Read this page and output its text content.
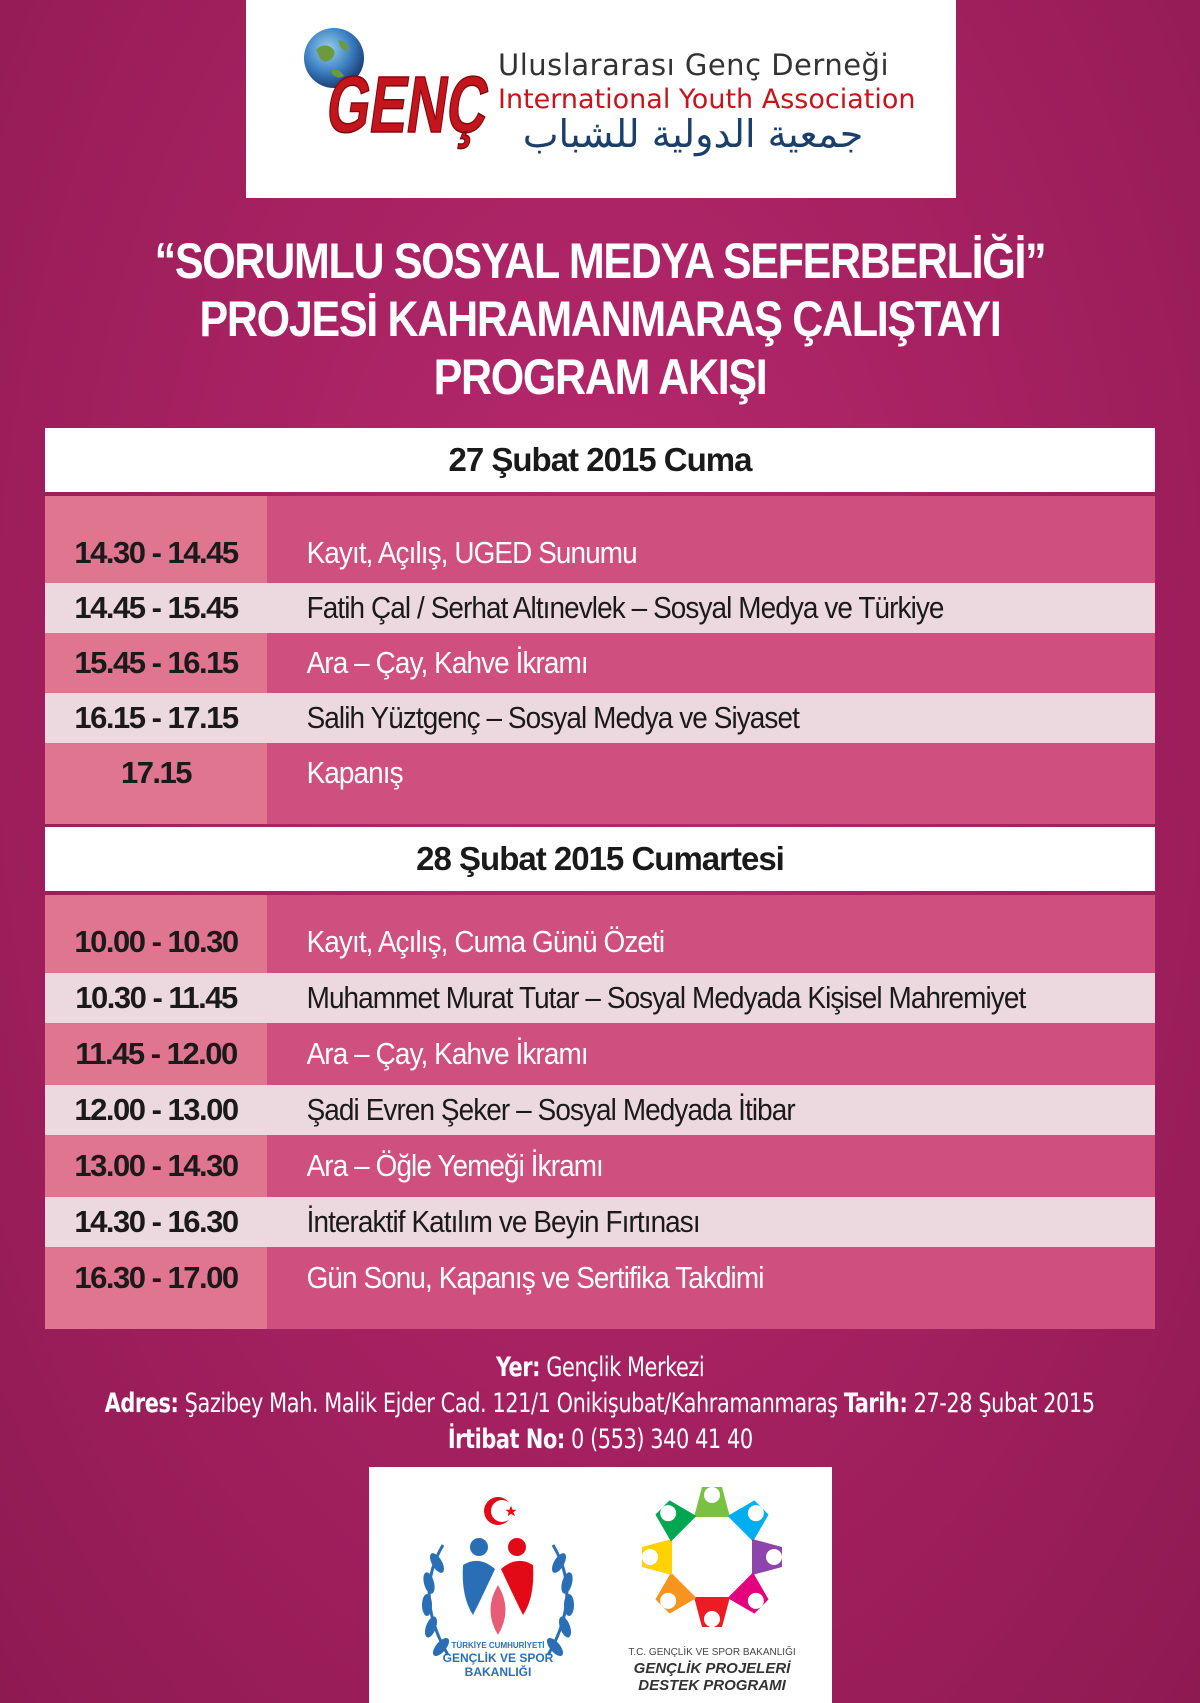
GENÇ
Uluslararası Genç Derneği
International Youth Association
جمعية الدولية للشباب
“SORUMLU SOSYAL MEDYA SEFERBERLİĞİ”
PROJESİ KAHRAMANMARAŞ ÇALIŞTAYI
PROGRAM AKIŞI
27 Şubat 2015 Cuma
14.30 - 14.45	Kayıt, Açılış, UGED Sunumu
14.45 - 15.45	Fatih Çal / Serhat Altınevlek – Sosyal Medya ve Türkiye
15.45 - 16.15	Ara – Çay, Kahve İkramı
16.15 - 17.15	Salih Yüztgenç – Sosyal Medya ve Siyaset
17.15	Kapanış
28 Şubat 2015 Cumartesi
10.00 - 10.30	Kayıt, Açılış, Cuma Günü Özeti
10.30 - 11.45	Muhammet Murat Tutar – Sosyal Medyada Kişisel Mahremiyet
11.45 - 12.00	Ara – Çay, Kahve İkramı
12.00 - 13.00	Şadi Evren Şeker – Sosyal Medyada İtibar
13.00 - 14.30	Ara – Öğle Yemeği İkramı
14.30 - 16.30	İnteraktif Katılım ve Beyin Fırtınası
16.30 - 17.00	Gün Sonu, Kapanış ve Sertifika Takdimi
Yer: Gençlik Merkezi
Adres: Şazibey Mah. Malik Ejder Cad. 121/1 Onikişubat/Kahramanmaraş Tarih: 27-28 Şubat 2015
İrtibat No: 0 (553) 340 41 40
TÜRKİYE CUMHURİYETİ
GENÇLİK VE SPOR
BAKANLIĞI
T.C. GENÇLİK VE SPOR BAKANLIĞI
GENÇLİK PROJELERİ
DESTEK PROGRAMI
